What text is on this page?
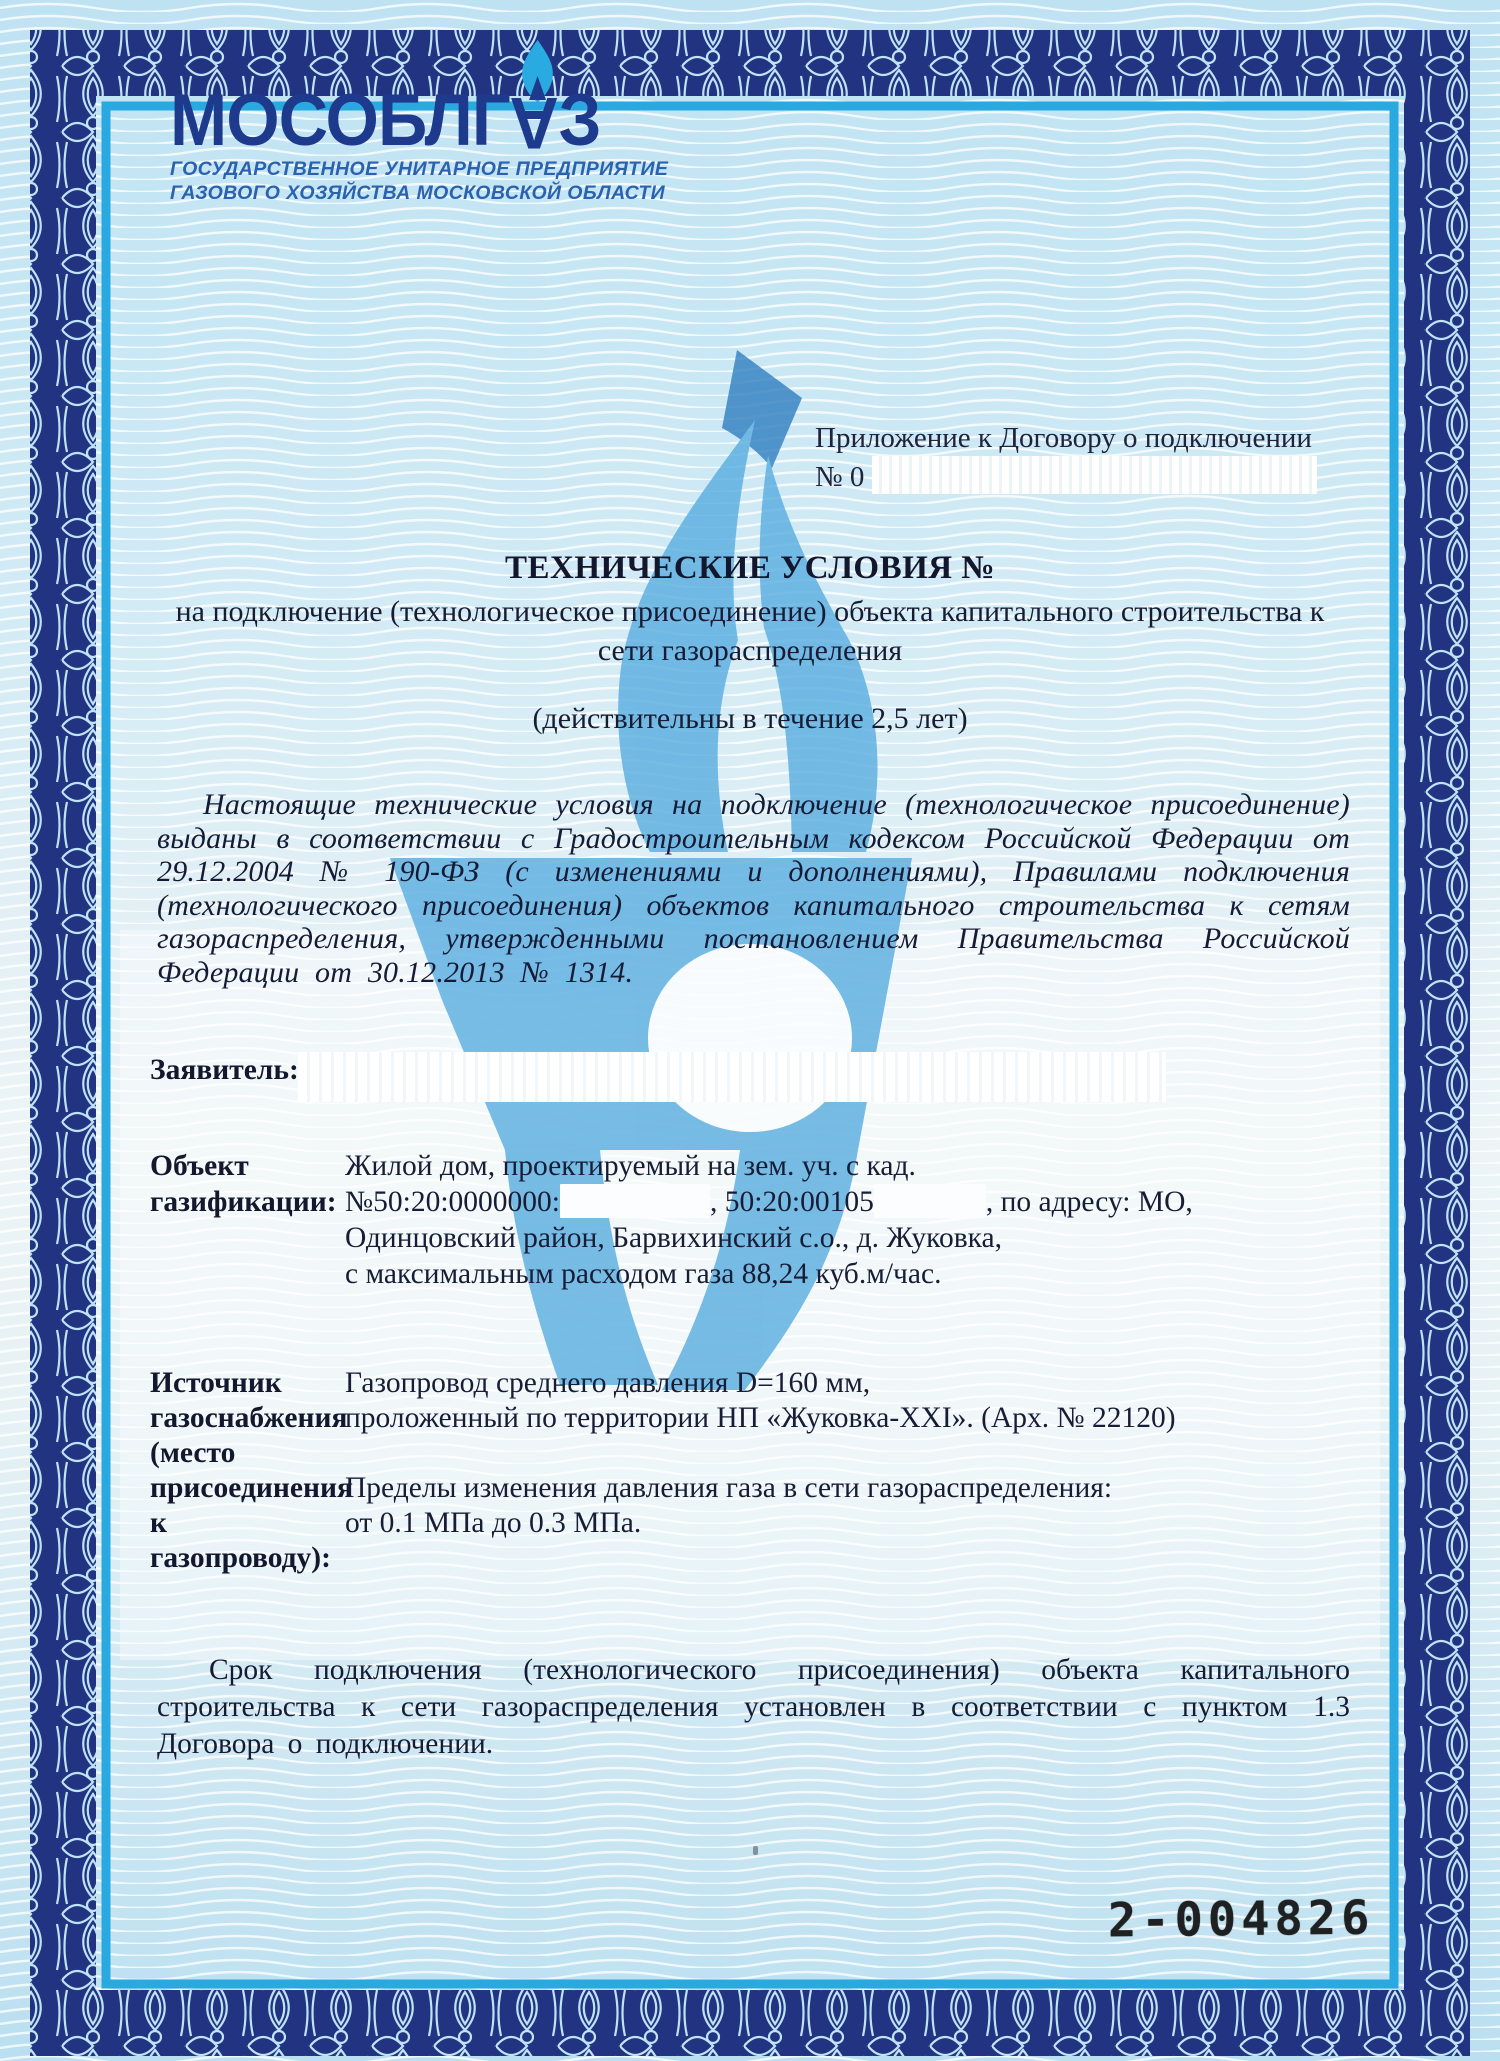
МОСОБЛГ
АЗ
ГОСУДАРСТВЕННОЕ УНИТАРНОЕ ПРЕДПРИЯТИЕ
ГАЗОВОГО ХОЗЯЙСТВА МОСКОВСКОЙ ОБЛАСТИ
Приложение к Договору о подключении
№ 0
ТЕХНИЧЕСКИЕ УСЛОВИЯ №
на подключение (технологическое присоединение) объекта капитального строительства к сети газораспределения
(действительны в течение 2,5 лет)

Настоящие технические условия на подключение (технологическое присоединение) выданы в соответствии с Градостроительным кодексом Российской Федерации от 29.12.2004 № 190-ФЗ (с изменениями и дополнениями), Правилами подключения (технологического присоединения) объектов капитального строительства к сетям газораспределения, утвержденными постановлением Правительства Российской Федерации от 30.12.2013 № 1314.

Заявитель:
Объект
газификации:
Жилой дом, проектируемый на зем. уч. с кад.
№50:20:0000000:	, 50:20:00105	, по адресу: МО,
Одинцовский район, Барвихинский с.о., д. Жуковка,
с максимальным расходом газа 88,24 куб.м/час.
Источник
газоснабжения
(место
присоединения
к газопроводу):
Газопровод среднего давления D=160 мм,
проложенный по территории НП «Жуковка-XXI». (Арх. № 22120)
Пределы изменения давления газа в сети газораспределения:
от 0.1 МПа до 0.3 МПа.

Срок подключения (технологического присоединения) объекта капитального строительства к сети газораспределения установлен в соответствии с пунктом 1.3 Договора о подключении.

2-004826
